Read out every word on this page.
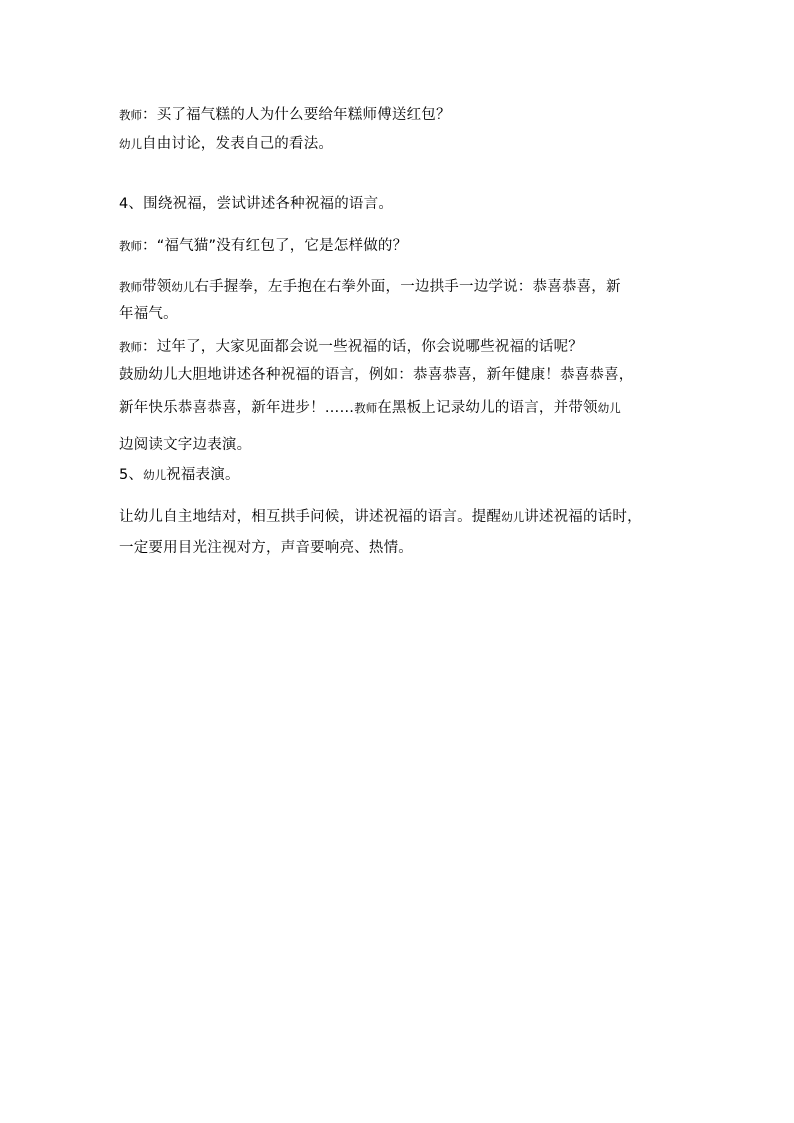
教师：买了福气糕的人为什么要给年糕师傅送红包？
幼儿自由讨论，发表自己的看法。
4、围绕祝福，尝试讲述各种祝福的语言。
教师：“福气猫”没有红包了，它是怎样做的？
教师带领幼儿右手握拳，左手抱在右拳外面，一边拱手一边学说：恭喜恭喜，新
年福气。
教师：过年了，大家见面都会说一些祝福的话，你会说哪些祝福的话呢？
鼓励幼儿大胆地讲述各种祝福的语言，例如：恭喜恭喜，新年健康！恭喜恭喜，
新年快乐恭喜恭喜，新年进步！……教师在黑板上记录幼儿的语言，并带领幼儿
边阅读文字边表演。
5、幼儿祝福表演。
让幼儿自主地结对，相互拱手问候，讲述祝福的语言。提醒幼儿讲述祝福的话时，
一定要用目光注视对方，声音要响亮、热情。
